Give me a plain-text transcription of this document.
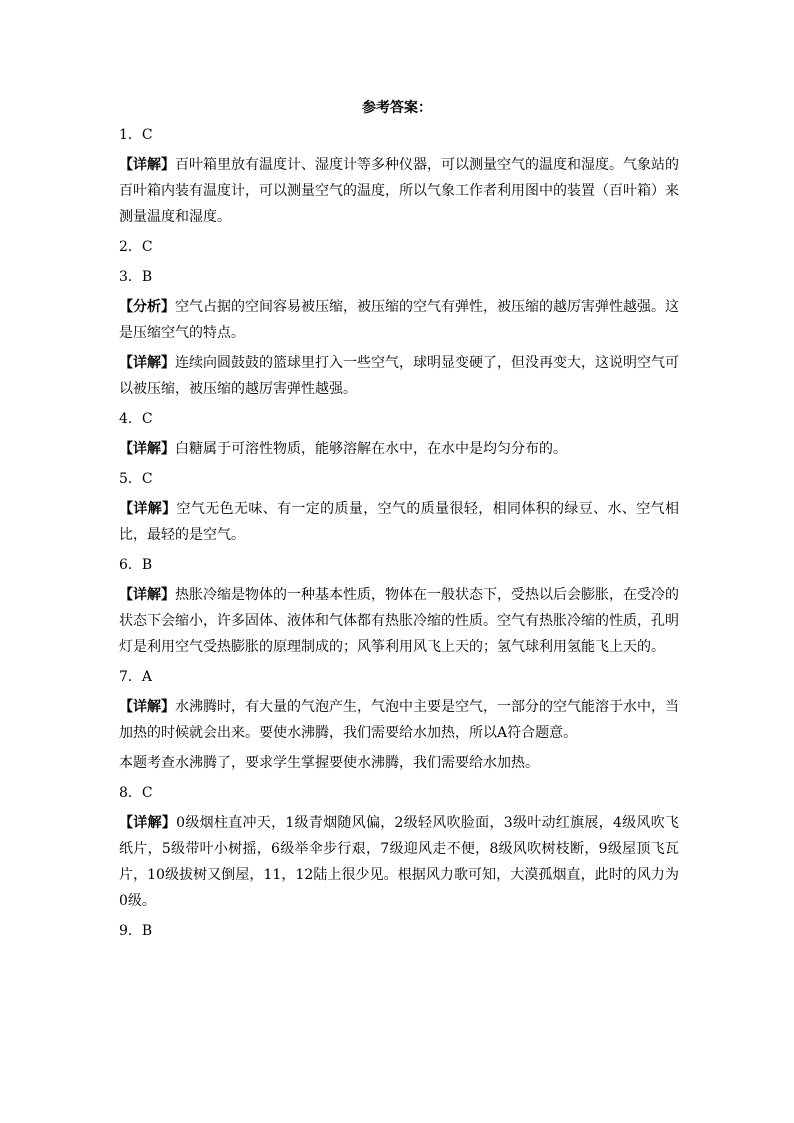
参考答案：
1．C
【详解】百叶箱里放有温度计、湿度计等多种仪器，可以测量空气的温度和湿度。气象站的百叶箱内装有温度计，可以测量空气的温度，所以气象工作者利用图中的装置（百叶箱）来测量温度和湿度。
2．C
3．B
【分析】空气占据的空间容易被压缩，被压缩的空气有弹性，被压缩的越厉害弹性越强。这是压缩空气的特点。
【详解】连续向圆鼓鼓的篮球里打入一些空气，球明显变硬了，但没再变大，这说明空气可以被压缩，被压缩的越厉害弹性越强。
4．C
【详解】白糖属于可溶性物质，能够溶解在水中，在水中是均匀分布的。
5．C
【详解】空气无色无味、有一定的质量，空气的质量很轻，相同体积的绿豆、水、空气相比，最轻的是空气。
6．B
【详解】热胀冷缩是物体的一种基本性质，物体在一般状态下，受热以后会膨胀，在受冷的状态下会缩小，许多固体、液体和气体都有热胀冷缩的性质。空气有热胀冷缩的性质，孔明灯是利用空气受热膨胀的原理制成的；风筝利用风飞上天的；氢气球利用氢能飞上天的。
7．A
【详解】水沸腾时，有大量的气泡产生，气泡中主要是空气，一部分的空气能溶于水中，当加热的时候就会出来。要使水沸腾，我们需要给水加热，所以A符合题意。
本题考查水沸腾了，要求学生掌握要使水沸腾，我们需要给水加热。
8．C
【详解】0级烟柱直冲天，1级青烟随风偏，2级轻风吹脸面，3级叶动红旗展，4级风吹飞纸片，5级带叶小树摇，6级举伞步行艰，7级迎风走不便，8级风吹树枝断，9级屋顶飞瓦片，10级拔树又倒屋，11，12陆上很少见。根据风力歌可知，大漠孤烟直，此时的风力为0级。
9．B
